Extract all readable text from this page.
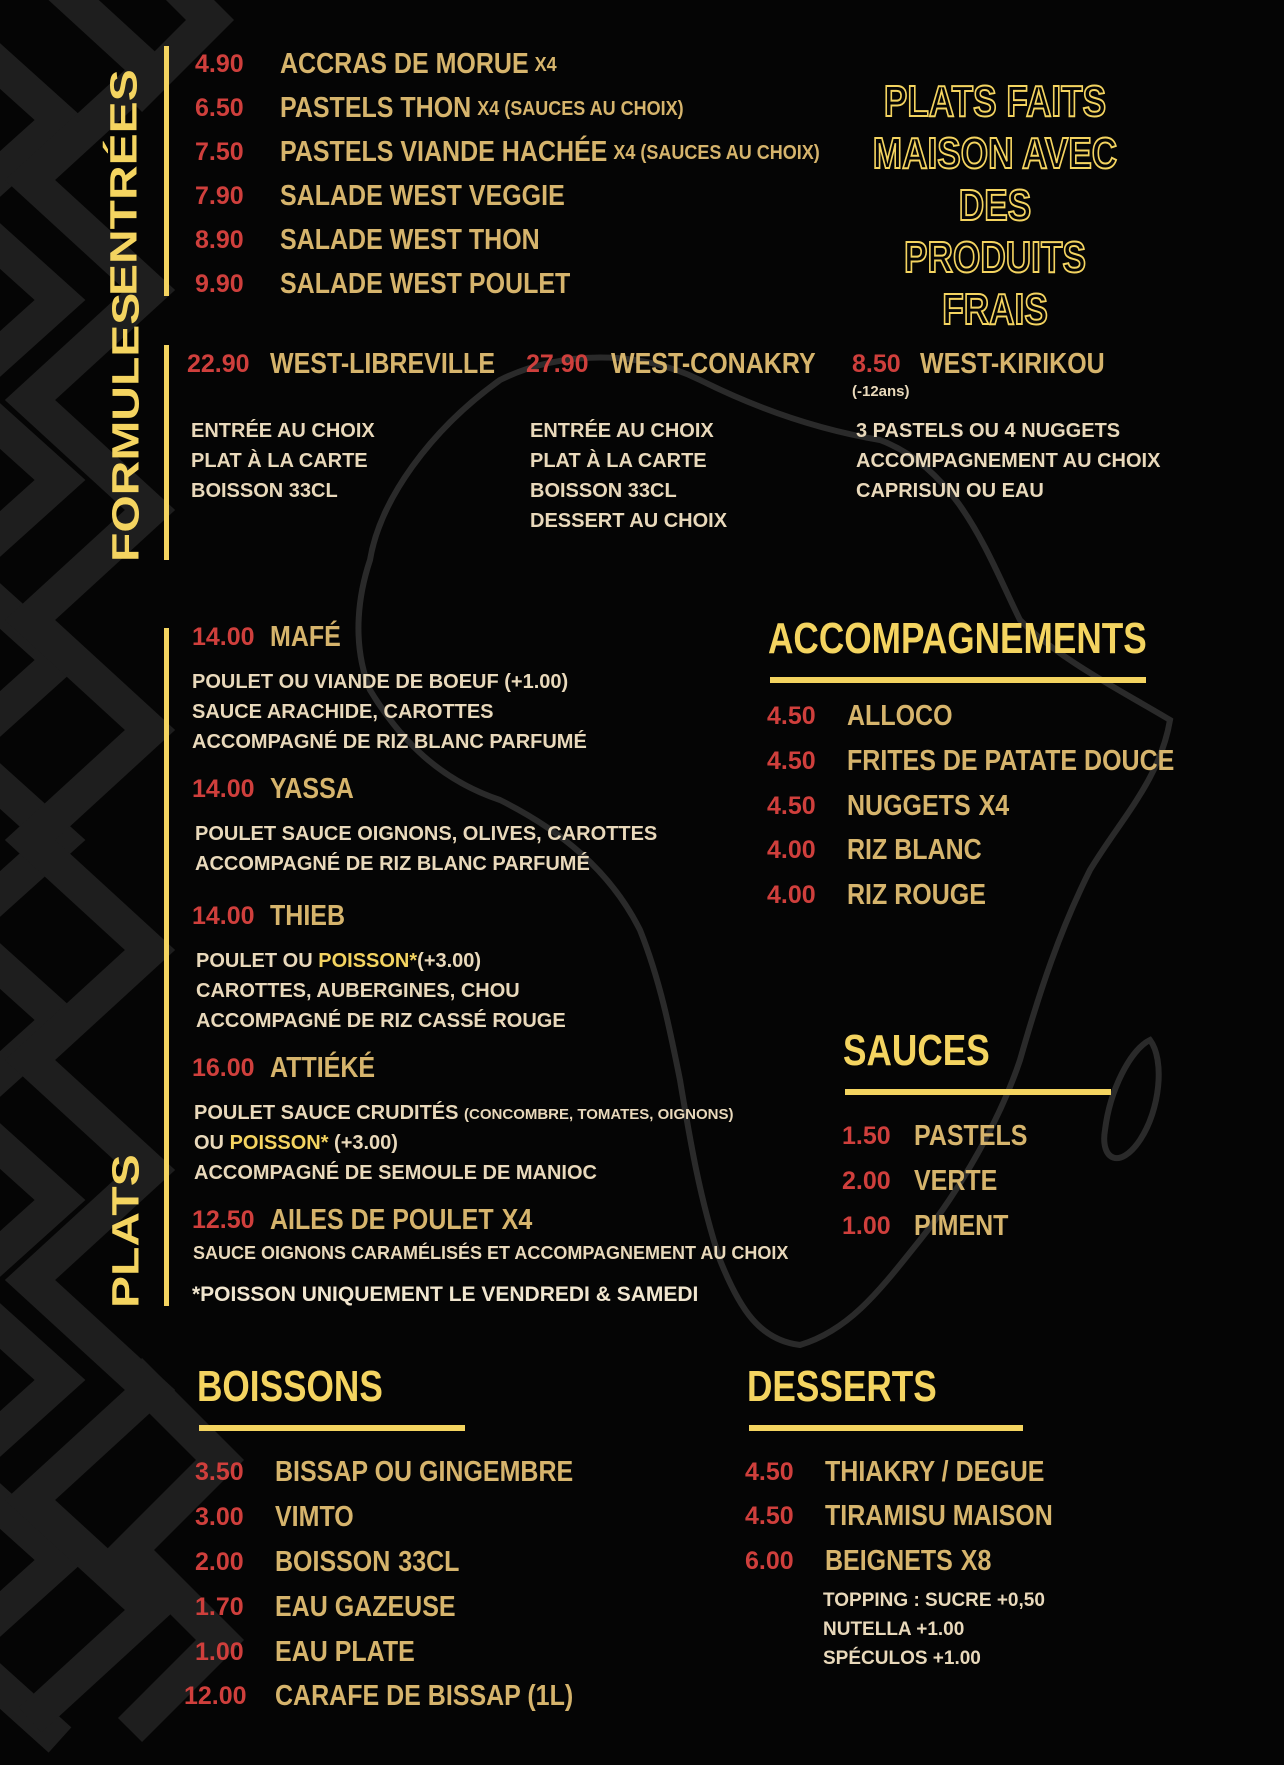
ENTRÉES
4.90	ACCRAS DE MORUE X4
6.50	PASTELS THON X4 (SAUCES AU CHOIX)
7.50	PASTELS VIANDE HACHÉE X4 (SAUCES AU CHOIX)
7.90	SALADE WEST VEGGIE
8.90	SALADE WEST THON
9.90	SALADE WEST POULET
PLATS FAITS
MAISON AVEC DES
PRODUITS FRAIS
FORMULES 22.90 WEST-LIBREVILLE
ENTRÉE AU CHOIX
PLAT À LA CARTE
BOISSON 33CL
27.90 WEST-CONAKRY
ENTRÉE AU CHOIX
PLAT À LA CARTE
BOISSON 33CL
DESSERT AU CHOIX
8.50 WEST-KIRIKOU
(-12ans)
3 PASTELS OU 4 NUGGETS
ACCOMPAGNEMENT AU CHOIX
CAPRISUN OU EAU
PLATS
14.00 MAFÉ
14.00 YASSA
14.00 THIEB
16.00 ATTIÉKÉ
12.50 AILES DE POULET X4
POULET OU VIANDE DE BOEUF (+1.00)
SAUCE ARACHIDE, CAROTTES
ACCOMPAGNÉ DE RIZ BLANC PARFUMÉ
POULET SAUCE OIGNONS, OLIVES, CAROTTES
ACCOMPAGNÉ DE RIZ BLANC PARFUMÉ
POULET OU POISSON*(+3.00)
CAROTTES, AUBERGINES, CHOU
ACCOMPAGNÉ DE RIZ CASSÉ ROUGE
POULET SAUCE CRUDITÉS (CONCOMBRE, TOMATES, OIGNONS)
OU POISSON* (+3.00)
ACCOMPAGNÉ DE SEMOULE DE MANIOC
SAUCE OIGNONS CARAMÉLISÉS ET ACCOMPAGNEMENT AU CHOIX
*POISSON UNIQUEMENT LE VENDREDI & SAMEDI
ACCOMPAGNEMENTS
4.50	ALLOCO
4.50	FRITES DE PATATE DOUCE
4.50	NUGGETS X4
4.00	RIZ BLANC
4.00	RIZ ROUGE
SAUCES
1.50 PASTELS
2.00 VERTE
1.00 PIMENT
BOISSONS
3.50	BISSAP OU GINGEMBRE
3.00	VIMTO
2.00	BOISSON 33CL
1.70	EAU GAZEUSE
1.00	EAU PLATE
12.00	CARAFE DE BISSAP (1L)
DESSERTS
4.50	THIAKRY / DEGUE
4.50	TIRAMISU MAISON
6.00	BEIGNETS X8
TOPPING : SUCRE +0,50
NUTELLA +1.00
SPÉCULOS +1.00
